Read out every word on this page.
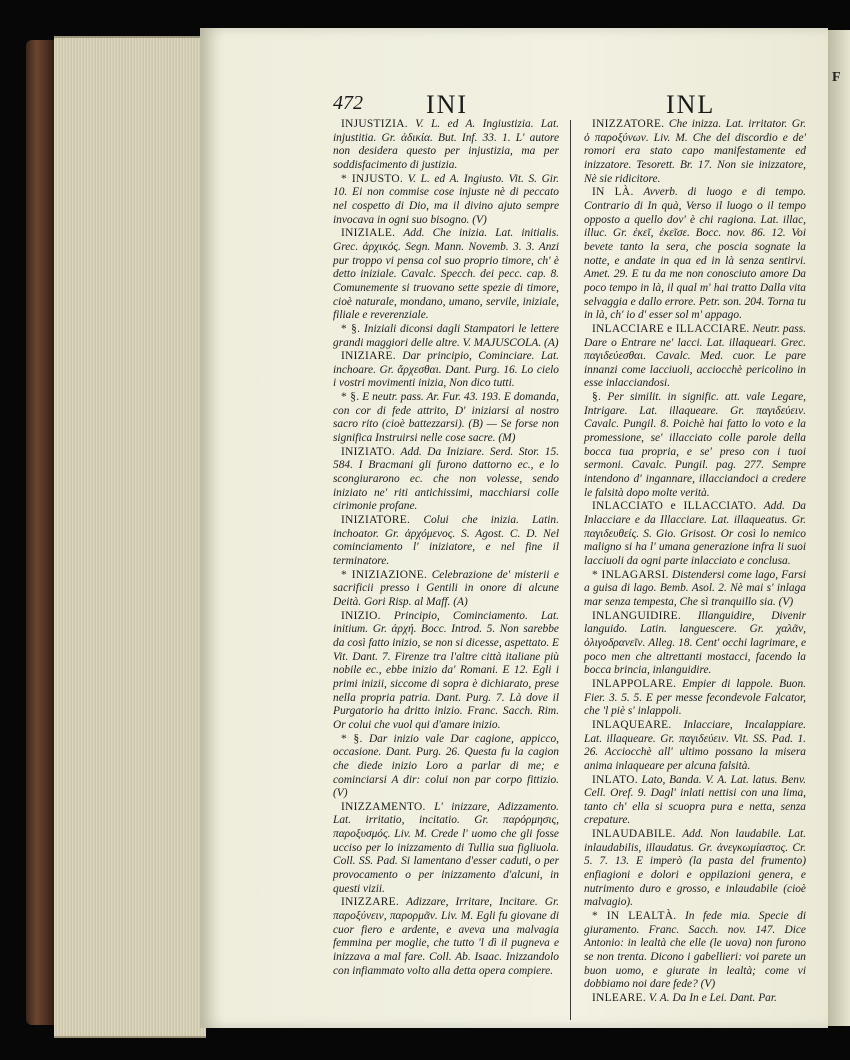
F
472 INI	INL

INJUSTIZIA. V. L. ed A. Ingiustizia. Lat. injustitia. Gr. ἀδικία. But. Inf. 33. 1. L' autore non desidera questo per injustizia, ma per soddisfacimento di justizia.

* INJUSTO. V. L. ed A. Ingiusto. Vit. S. Gir. 10. Ei non commise cose injuste nè di peccato nel cospetto di Dio, ma il divino ajuto sempre invocava in ogni suo bisogno. (V)

INIZIALE. Add. Che inizia. Lat. initialis. Grec. ἀρχικός. Segn. Mann. Novemb. 3. 3. Anzi pur troppo vi pensa col suo proprio timore, ch' è detto iniziale. Cavalc. Specch. dei pecc. cap. 8. Comunemente si truovano sette spezie di timore, cioè naturale, mondano, umano, servile, iniziale, filiale e reverenziale.

* §. Iniziali diconsi dagli Stampatori le lettere grandi maggiori delle altre. V. MAJUSCOLA. (A)

INIZIARE. Dar principio, Cominciare. Lat. inchoare. Gr. ἄρχεσθαι. Dant. Purg. 16. Lo cielo i vostri movimenti inizia, Non dico tutti.

* §. E neutr. pass. Ar. Fur. 43. 193. E domanda, con cor di fede attrito, D' iniziarsi al nostro sacro rito (cioè battezzarsi). (B) — Se forse non significa Instruirsi nelle cose sacre. (M)

INIZIATO. Add. Da Iniziare. Serd. Stor. 15. 584. I Bracmani gli furono dattorno ec., e lo scongiurarono ec. che non volesse, sendo iniziato ne' riti antichissimi, macchiarsi colle cirimonie profane.

INIZIATORE. Colui che inizia. Latin. inchoator. Gr. ἀρχόμενος. S. Agost. C. D. Nel cominciamento l' iniziatore, e nel fine il terminatore.

* INIZIAZIONE. Celebrazione de' misterii e sacrificii presso i Gentili in onore di alcune Deità. Gori Risp. al Maff. (A)

INIZIO. Principio, Cominciamento. Lat. initium. Gr. ἀρχή. Bocc. Introd. 5. Non sarebbe da così fatto inizio, se non si dicesse, aspettato. E Vit. Dant. 7. Firenze tra l'altre città italiane più nobile ec., ebbe inizio da' Romani. E 12. Egli i primi inizii, siccome di sopra è dichiarato, prese nella propria patria. Dant. Purg. 7. Là dove il Purgatorio ha dritto inizio. Franc. Sacch. Rim. Or colui che vuol qui d'amare inizio.

* §. Dar inizio vale Dar cagione, appicco, occasione. Dant. Purg. 26. Questa fu la cagion che diede inizio Loro a parlar di me; e cominciarsi A dir: colui non par corpo fittizio. (V)

INIZZAMENTO. L' inizzare, Adizzamento. Lat. irritatio, incitatio. Gr. παρόρμησις, παροξυσμός. Liv. M. Crede l' uomo che gli fosse ucciso per lo inizzamento di Tullia sua figliuola. Coll. SS. Pad. Si lamentano d'esser caduti, o per provocamento o per inizzamento d'alcuni, in questi vizii.

INIZZARE. Adizzare, Irritare, Incitare. Gr. παροξύνειν, παρορμᾶν. Liv. M. Egli fu giovane di cuor fiero e ardente, e aveva una malvagia femmina per moglie, che tutto 'l dì il pugneva e inizzava a mal fare. Coll. Ab. Isaac. Inizzandolo con infiammato volto alla detta opera compiere.

INIZZATORE. Che inizza. Lat. irritator. Gr. ὁ παροξύνων. Liv. M. Che del discordio e de' romori era stato capo manifestamente ed inizzatore. Tesorett. Br. 17. Non sie inizzatore, Nè sie ridicitore.

IN LÀ. Avverb. di luogo e di tempo. Contrario di In quà, Verso il luogo o il tempo opposto a quello dov' è chi ragiona. Lat. illac, illuc. Gr. ἐκεῖ, ἐκεῖσε. Bocc. nov. 86. 12. Voi bevete tanto la sera, che poscia sognate la notte, e andate in qua ed in là senza sentirvi. Amet. 29. E tu da me non conosciuto amore Da poco tempo in là, il qual m' hai tratto Dalla vita selvaggia e dallo errore. Petr. son. 204. Torna tu in là, ch' io d' esser sol m' appago.

INLACCIARE e ILLACCIARE. Neutr. pass. Dare o Entrare ne' lacci. Lat. illaqueari. Grec. παγιδεύεσθαι. Cavalc. Med. cuor. Le pare innanzi come lacciuoli, acciocchè pericolino in esse inlacciandosi.

§. Per similit. in signific. att. vale Legare, Intrigare. Lat. illaqueare. Gr. παγιδεύειν. Cavalc. Pungil. 8. Poichè hai fatto lo voto e la promessione, se' illacciato colle parole della bocca tua propria, e se' preso con i tuoi sermoni. Cavalc. Pungil. pag. 277. Sempre intendono d' ingannare, illacciandoci a credere le falsità dopo molte verità.

INLACCIATO e ILLACCIATO. Add. Da Inlacciare e da Illacciare. Lat. illaqueatus. Gr. παγιδευθείς. S. Gio. Grisost. Or così lo nemico maligno si ha l' umana generazione infra li suoi lacciuoli da ogni parte inlacciato e conclusa.

* INLAGARSI. Distendersi come lago, Farsi a guisa di lago. Bemb. Asol. 2. Nè mai s' inlaga mar senza tempesta, Che sì tranquillo sia. (V)

INLANGUIDIRE. Illanguidire, Divenir languido. Latin. languescere. Gr. χαλᾶν, ὀλιγοδρανεῖν. Alleg. 18. Cent' occhi lagrimare, e poco men che altrettanti mostacci, facendo la bocca brincia, inlanguidire.

INLAPPOLARE. Empier di lappole. Buon. Fier. 3. 5. 5. E per messe fecondevole Falcator, che 'l piè s' inlappoli.

INLAQUEARE. Inlacciare, Incalappiare. Lat. illaqueare. Gr. παγιδεύειν. Vit. SS. Pad. 1. 26. Acciocchè all' ultimo possano la misera anima inlaqueare per alcuna falsità.

INLATO. Lato, Banda. V. A. Lat. latus. Benv. Cell. Oref. 9. Dagl' inlati nettisi con una lima, tanto ch' ella si scuopra pura e netta, senza crepature.

INLAUDABILE. Add. Non laudabile. Lat. inlaudabilis, illaudatus. Gr. ἀνεγκωμίαστος. Cr. 5. 7. 13. E imperò (la pasta del frumento) enfiagioni e dolori e oppilazioni genera, e nutrimento duro e grosso, e inlaudabile (cioè malvagio).

* IN LEALTÀ. In fede mia. Specie di giuramento. Franc. Sacch. nov. 147. Dice Antonio: in lealtà che elle (le uova) non furono se non trenta. Dicono i gabellieri: voi parete un buon uomo, e giurate in lealtà; come vi dobbiamo noi dare fede? (V)

INLEARE. V. A. Da In e Lei. Dant. Par.
